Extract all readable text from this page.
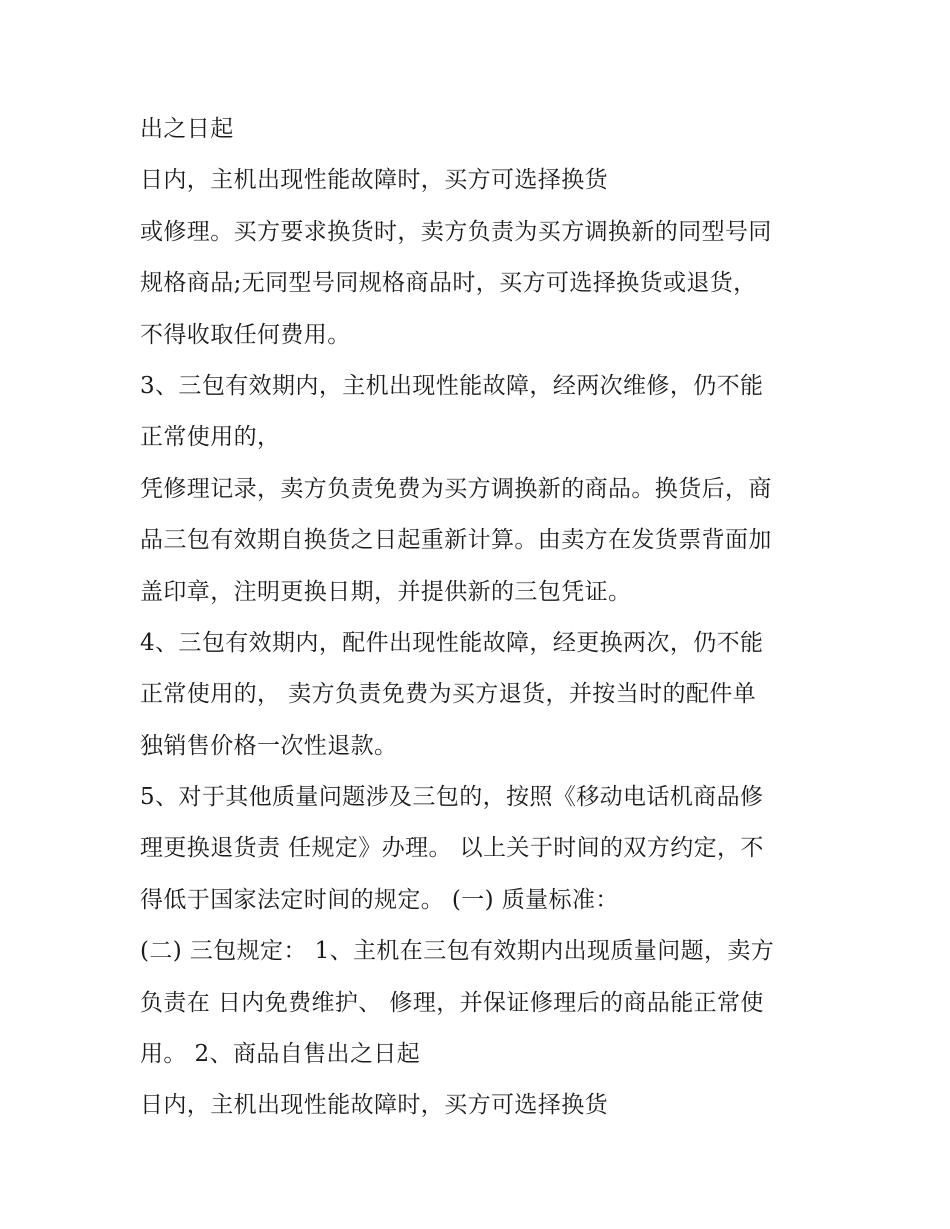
出之日起
日内，主机出现性能故障时，买方可选择换货
或修理。买方要求换货时，卖方负责为买方调换新的同型号同
规格商品;无同型号同规格商品时，买方可选择换货或退货，
不得收取任何费用。
3、三包有效期内，主机出现性能故障，经两次维修，仍不能
正常使用的，
凭修理记录，卖方负责免费为买方调换新的商品。换货后，商
品三包有效期自换货之日起重新计算。由卖方在发货票背面加
盖印章，注明更换日期，并提供新的三包凭证。
4、三包有效期内，配件出现性能故障，经更换两次，仍不能
正常使用的， 卖方负责免费为买方退货，并按当时的配件单
独销售价格一次性退款。
5、对于其他质量问题涉及三包的，按照《移动电话机商品修
理更换退货责 任规定》办理。 以上关于时间的双方约定，不
得低于国家法定时间的规定。 (一) 质量标准：
(二) 三包规定： 1、主机在三包有效期内出现质量问题，卖方
负责在 日内免费维护、 修理，并保证修理后的商品能正常使
用。 2、商品自售出之日起
日内，主机出现性能故障时，买方可选择换货
